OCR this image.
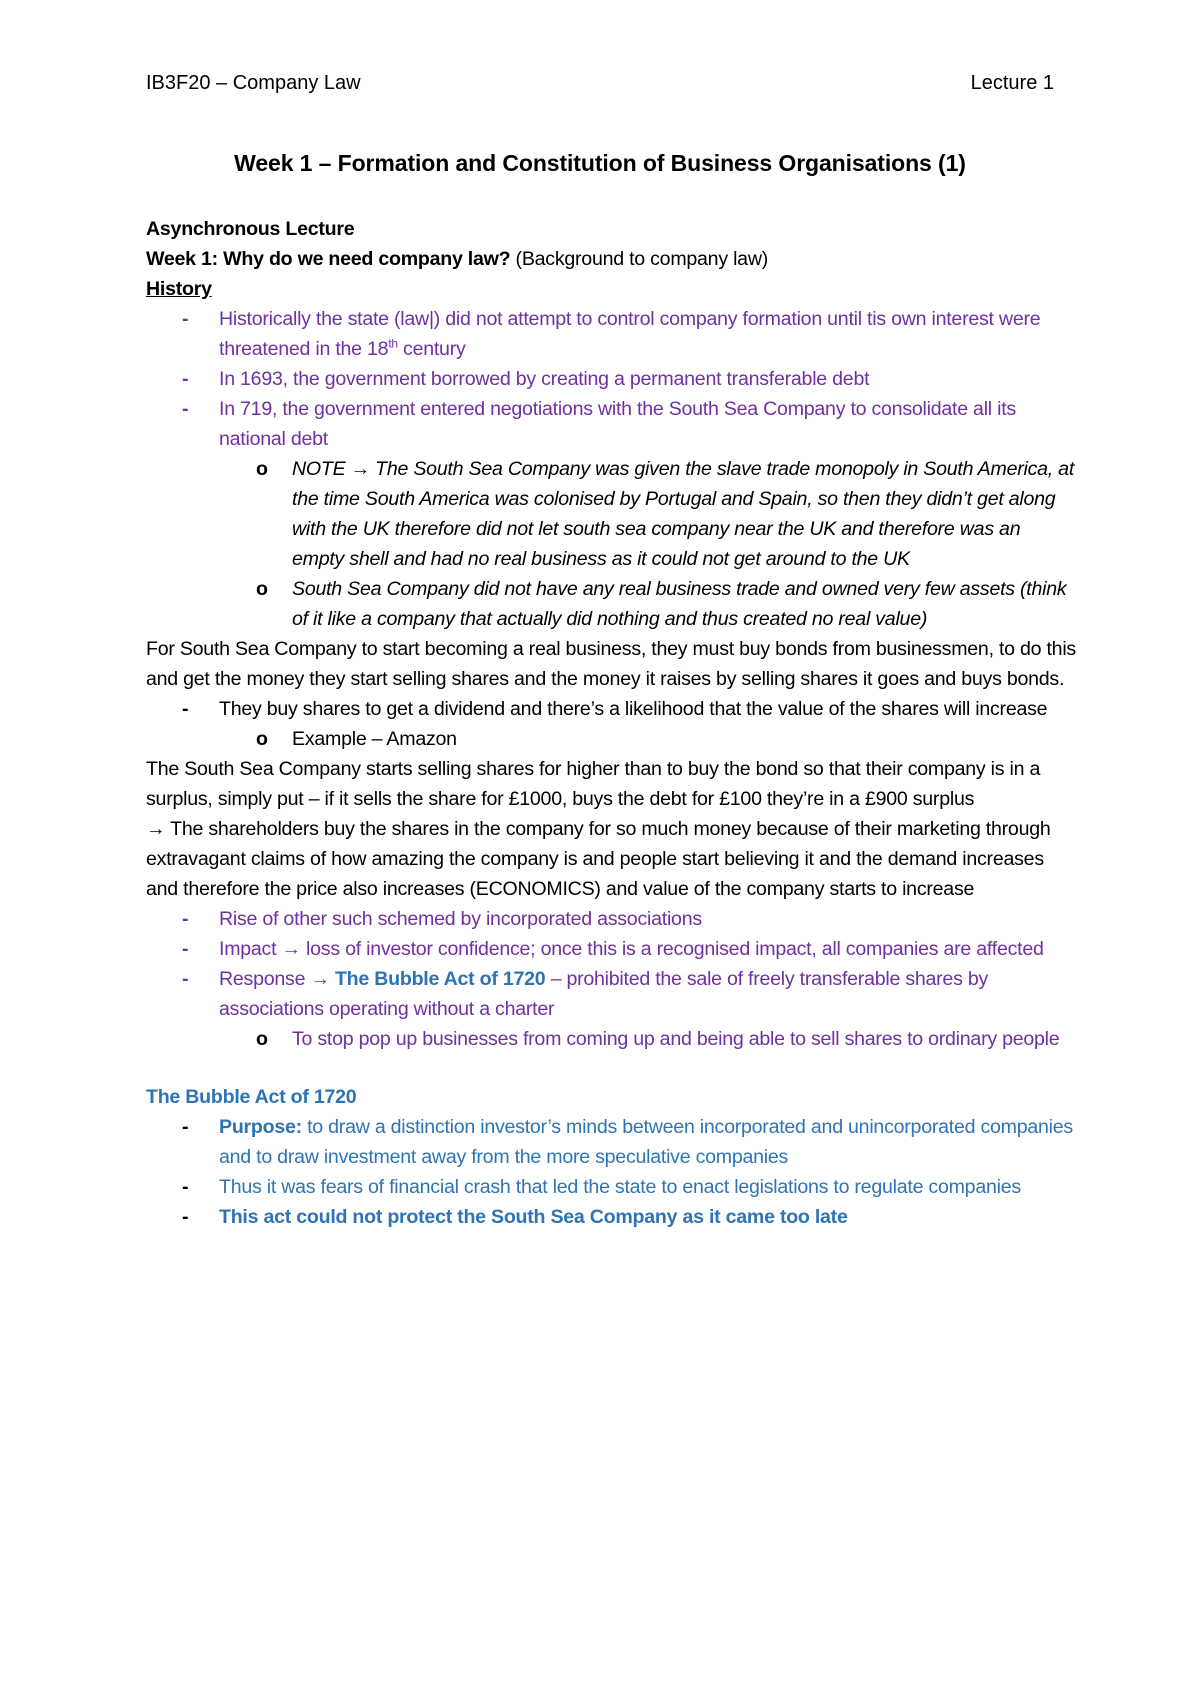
IB3F20 – Company Law	Lecture 1
Week 1 – Formation and Constitution of Business Organisations (1)

Asynchronous Lecture

Week 1: Why do we need company law? (Background to company law)

History

- Historically the state (law|) did not attempt to control company formation until tis own interest were threatened in the 18th century
- In 1693, the government borrowed by creating a permanent transferable debt
- In 719, the government entered negotiations with the South Sea Company to consolidate all its national debt
o NOTE → The South Sea Company was given the slave trade monopoly in South America, at the time South America was colonised by Portugal and Spain, so then they didn’t get along with the UK therefore did not let south sea company near the UK and therefore was an empty shell and had no real business as it could not get around to the UK
o South Sea Company did not have any real business trade and owned very few assets (think of it like a company that actually did nothing and thus created no real value)

For South Sea Company to start becoming a real business, they must buy bonds from businessmen, to do this and get the money they start selling shares and the money it raises by selling shares it goes and buys bonds.

- They buy shares to get a dividend and there’s a likelihood that the value of the shares will increase
o Example – Amazon

The South Sea Company starts selling shares for higher than to buy the bond so that their company is in a surplus, simply put – if it sells the share for £1000, buys the debt for £100 they’re in a £900 surplus

→ The shareholders buy the shares in the company for so much money because of their marketing through extravagant claims of how amazing the company is and people start believing it and the demand increases and therefore the price also increases (ECONOMICS) and value of the company starts to increase

- Rise of other such schemed by incorporated associations
- Impact → loss of investor confidence; once this is a recognised impact, all companies are affected
- Response → The Bubble Act of 1720 – prohibited the sale of freely transferable shares by associations operating without a charter
o To stop pop up businesses from coming up and being able to sell shares to ordinary people

The Bubble Act of 1720

- Purpose: to draw a distinction investor’s minds between incorporated and unincorporated companies and to draw investment away from the more speculative companies
- Thus it was fears of financial crash that led the state to enact legislations to regulate companies
- This act could not protect the South Sea Company as it came too late
